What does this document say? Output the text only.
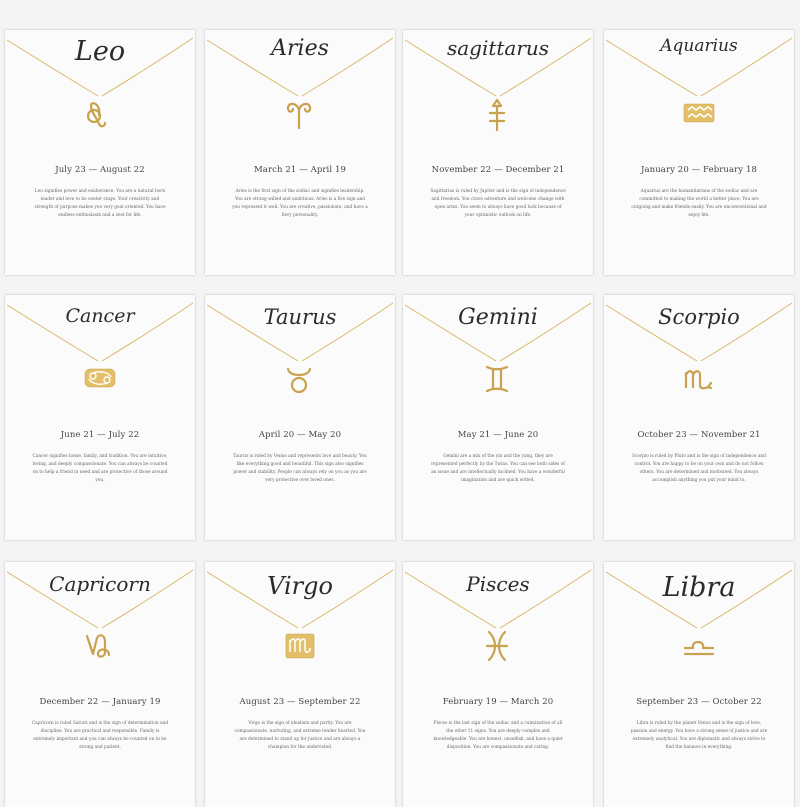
Leo
July 23 — August 22
Leo signifies power and exuberance. You are a natural born leader and love to be center stage. Your creativity and strength of purpose makes you very goal oriented. You have endless enthusiasm and a zest for life.
Aries
March 21 — April 19
Aries is the first sign of the zodiac and signifies leadership. You are strong willed and ambitious. Aries is a fire sign and you represent it well. You are creative, passionate, and have a fiery personality.
sagittarus
November 22 — December 21
Sagittarius is ruled by Jupiter and is the sign of independence and freedom. You crave adventure and welcome change with open arms. You seem to always have good luck because of your optimistic outlook on life.
Aquarius
January 20 — February 18
Aquarius are the humanitarians of the zodiac and are committed to making the world a better place. You are outgoing and make friends easily. You are unconventional and enjoy life.
Cancer
June 21 — July 22
Cancer signifies home, family, and tradition. You are intuitive, loving, and deeply compassionate. You can always be counted on to help a friend in need and are protective of those around you.
Taurus
April 20 — May 20
Taurus is ruled by Venus and represents love and beauty. You like everything good and beautiful. This sign also signifies power and stability. People can always rely on you as you are very protective over loved ones.
Gemini
May 21 — June 20
Gemini are a mix of the yin and the yang, they are represented perfectly by the Twins. You can see both sides of an issue and are intellectually inclined. You have a wonderful imagination and are quick witted.
Scorpio
October 23 — November 21
Scorpio is ruled by Pluto and is the sign of independence and control. You are happy to be on your own and do not follow others. You are determined and motivated. You always accomplish anything you put your mind to.
Capricorn
December 22 — January 19
Capricorn is ruled Saturn and is the sign of determination and discipline. You are practical and responsible. Family is extremely important and you can always be counted on to be strong and patient.
Virgo
August 23 — September 22
Virgo is the sign of idealism and purity. You are compassionate, nurturing, and extreme tender hearted. You are determined to stand up for justice and are always a champion for the underrated.
Pisces
February 19 — March 20
Pisces is the last sign of the zodiac and a culmination of all the other 11 signs. You are deeply complex and knowledgeable. You are honest, unselfish, and have a quiet disposition. You are compassionate and caring.
Libra
September 23 — October 22
Libra is ruled by the planet Venus and is the sign of love, passion and energy. You have a strong sense of justice and are extremely analytical. You are diplomatic and always strive to find the balance in everything.
